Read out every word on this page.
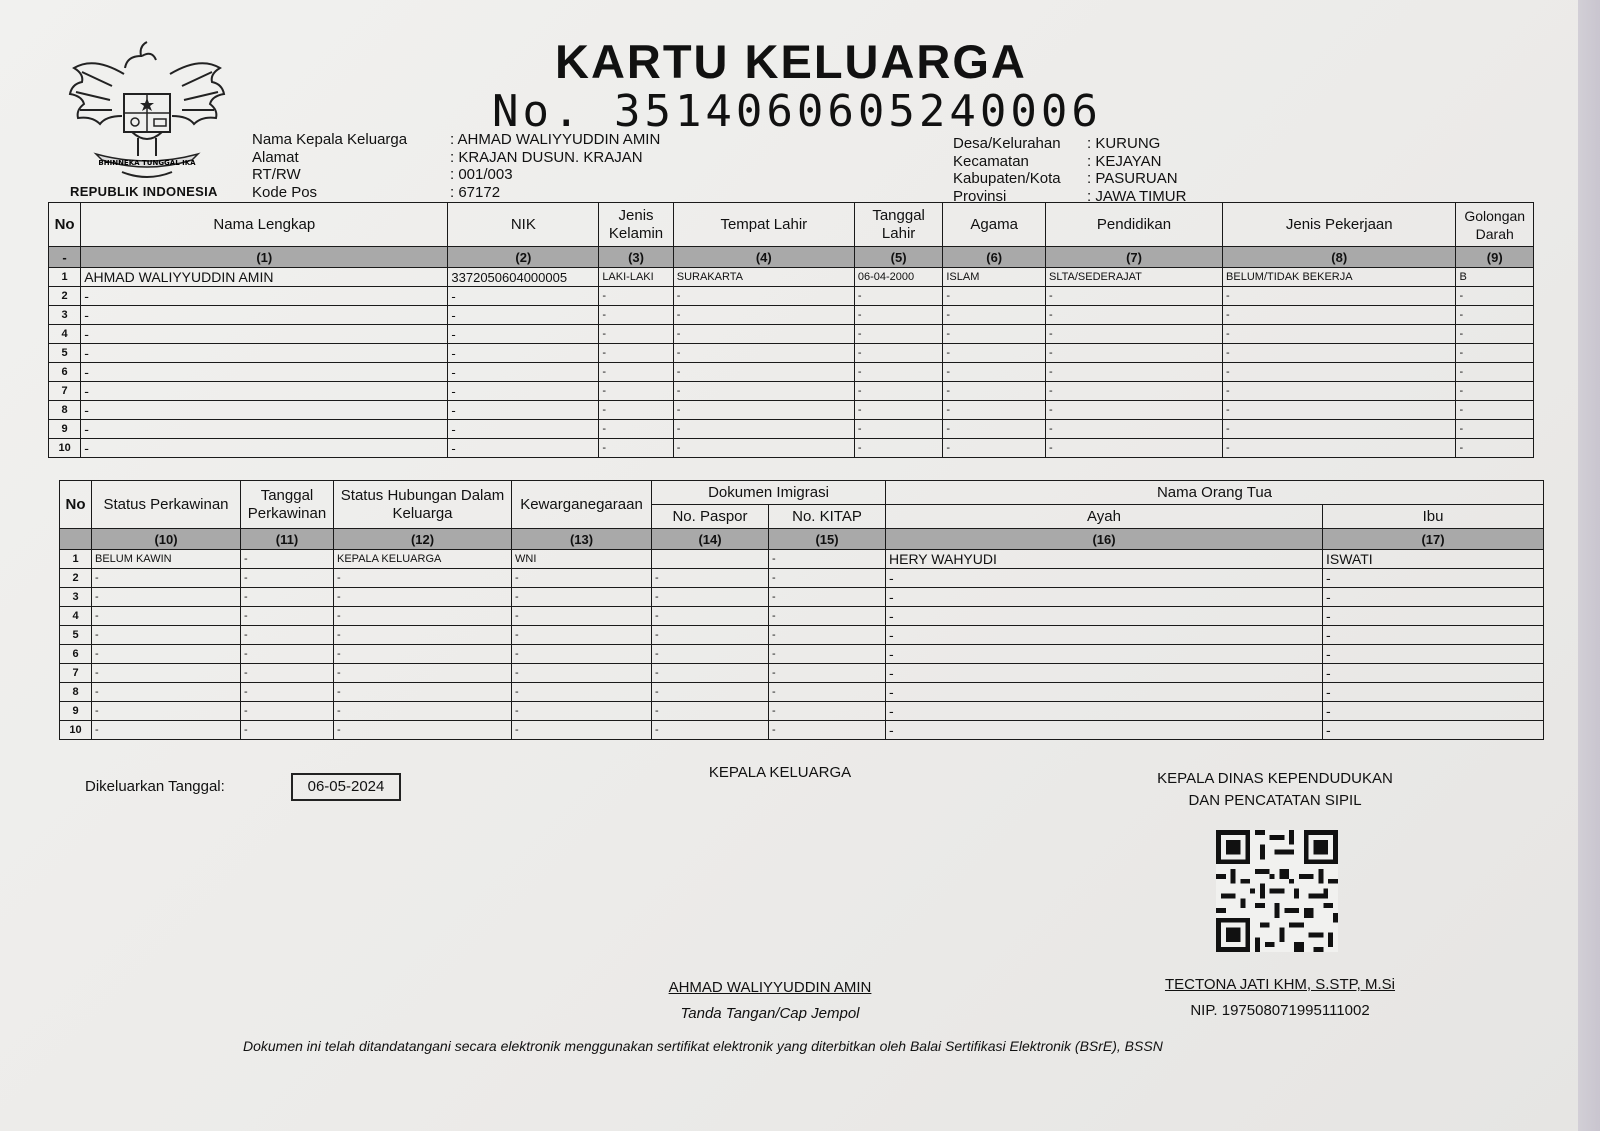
BHINNEKA TUNGGAL IKA
REPUBLIK INDONESIA
KARTU KELUARGA
No. 3514060605240006
Nama Kepala Keluarga	: AHMAD WALIYYUDDIN AMIN
Alamat	: KRAJAN DUSUN. KRAJAN
RT/RW	: 001/003
Kode Pos	: 67172
Desa/Kelurahan	: KURUNG
Kecamatan	: KEJAYAN
Kabupaten/Kota	: PASURUAN
Provinsi	: JAWA TIMUR
No	Nama Lengkap	NIK	Jenis Kelamin	Tempat Lahir	Tanggal Lahir	Agama	Pendidikan	Jenis Pekerjaan	Golongan Darah
-	(1)	(2)	(3)	(4)	(5)	(6)	(7)	(8)	(9)
1	AHMAD WALIYYUDDIN AMIN	3372050604000005	LAKI-LAKI	SURAKARTA	06-04-2000	ISLAM	SLTA/SEDERAJAT	BELUM/TIDAK BEKERJA	B
2	-	-	-	-	-	-	-	-	-
3	-	-	-	-	-	-	-	-	-
4	-	-	-	-	-	-	-	-	-
5	-	-	-	-	-	-	-	-	-
6	-	-	-	-	-	-	-	-	-
7	-	-	-	-	-	-	-	-	-
8	-	-	-	-	-	-	-	-	-
9	-	-	-	-	-	-	-	-	-
10	-	-	-	-	-	-	-	-	-
No	Status Perkawinan	Tanggal Perkawinan	Status Hubungan Dalam Keluarga	Kewarganegaraan	Dokumen Imigrasi		Nama Orang Tua	
					No. Paspor	No. KITAP	Ayah	Ibu
	(10)	(11)	(12)	(13)	(14)	(15)	(16)	(17)
1	BELUM KAWIN	-	KEPALA KELUARGA	WNI		-	HERY WAHYUDI	ISWATI
2	-	-	-	-	-	-	-	-
3	-	-	-	-	-	-	-	-
4	-	-	-	-	-	-	-	-
5	-	-	-	-	-	-	-	-
6	-	-	-	-	-	-	-	-
7	-	-	-	-	-	-	-	-
8	-	-	-	-	-	-	-	-
9	-	-	-	-	-	-	-	-
10	-	-	-	-	-	-	-	-
Dikeluarkan Tanggal:	06-05-2024
KEPALA KELUARGA	KEPALA DINAS KEPENDUDUKAN
DAN PENCATATAN SIPIL
AHMAD WALIYYUDDIN AMIN
Tanda Tangan/Cap Jempol
TECTONA JATI KHM, S.STP, M.Si
NIP. 197508071995111002
Dokumen ini telah ditandatangani secara elektronik menggunakan sertifikat elektronik yang diterbitkan oleh Balai Sertifikasi Elektronik (BSrE), BSSN
